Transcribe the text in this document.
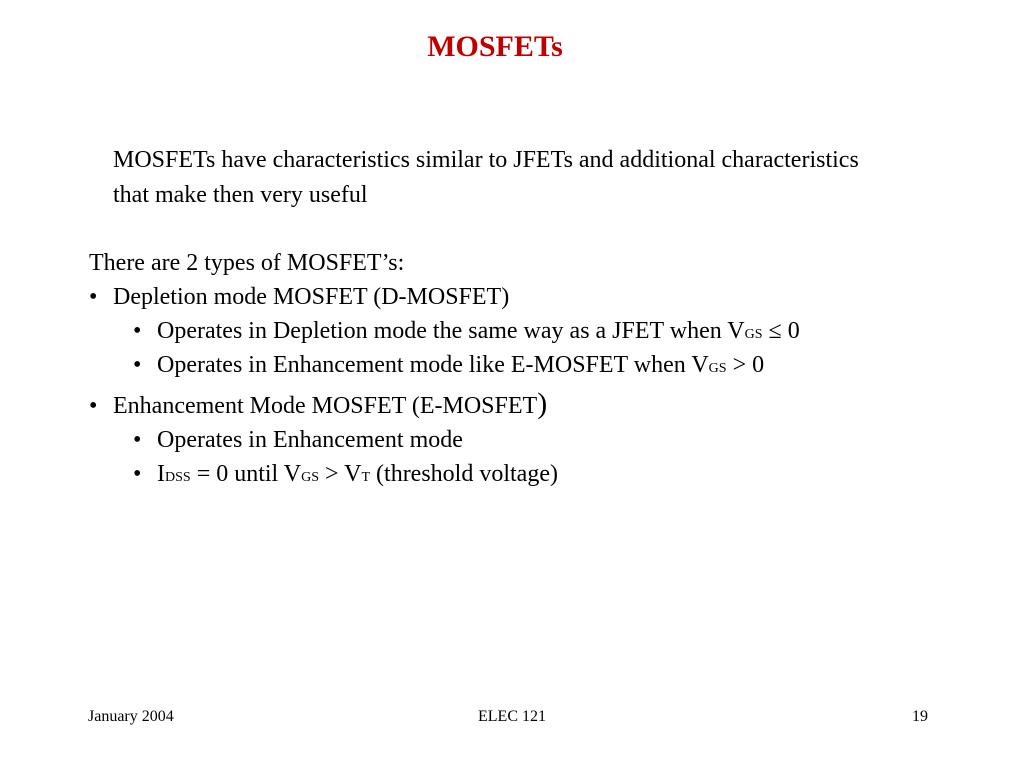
MOSFETs

MOSFETs have characteristics similar to JFETs and additional characteristics that make then very useful

There are 2 types of MOSFET’s:

• Depletion mode MOSFET (D-MOSFET)
• Operates in Depletion mode the same way as a JFET when VGS ≤ 0
• Operates in Enhancement mode like E-MOSFET when VGS > 0
• Enhancement Mode MOSFET (E-MOSFET)
• Operates in Enhancement mode
• IDSS = 0 until VGS > VT (threshold voltage)
January 2004	ELEC 121	19
